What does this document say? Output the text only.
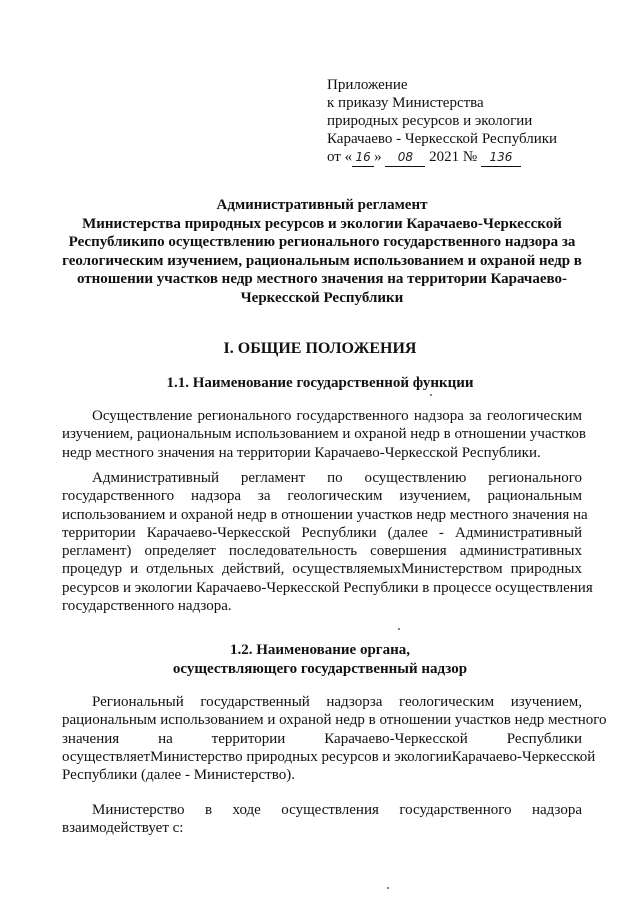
Приложение
к приказу Министерства
природных ресурсов и экологии
Карачаево - Черкесской Республики
от « 16 » 08 2021 № 136
Административный регламент
Министерства природных ресурсов и экологии Карачаево-Черкесской
Республикипо осуществлению регионального государственного надзора за
геологическим изучением, рациональным использованием и охраной недр в
отношении участков недр местного значения на территории Карачаево-
Черкесской Республики
I. ОБЩИЕ ПОЛОЖЕНИЯ
1.1. Наименование государственной функции
Осуществление регионального государственного надзора за геологическим
изучением, рациональным использованием и охраной недр в отношении участков
недр местного значения на территории Карачаево-Черкесской Республики.
Административный регламент по осуществлению регионального
государственного надзора за геологическим изучением, рациональным
использованием и охраной недр в отношении участков недр местного значения на
территории Карачаево-Черкесской Республики (далее - Административный
регламент) определяет последовательность совершения административных
процедур и отдельных действий, осуществляемыхМинистерством природных
ресурсов и экологии Карачаево-Черкесской Республики в процессе осуществления
государственного надзора.
1.2. Наименование органа,
осуществляющего государственный надзор
Региональный государственный надзорза геологическим изучением,
рациональным использованием и охраной недр в отношении участков недр местного
значения на территории Карачаево-Черкесской Республики
осуществляетМинистерство природных ресурсов и экологииКарачаево-Черкесской
Республики (далее - Министерство).
Министерство в ходе осуществления государственного надзора
взаимодействует с:
